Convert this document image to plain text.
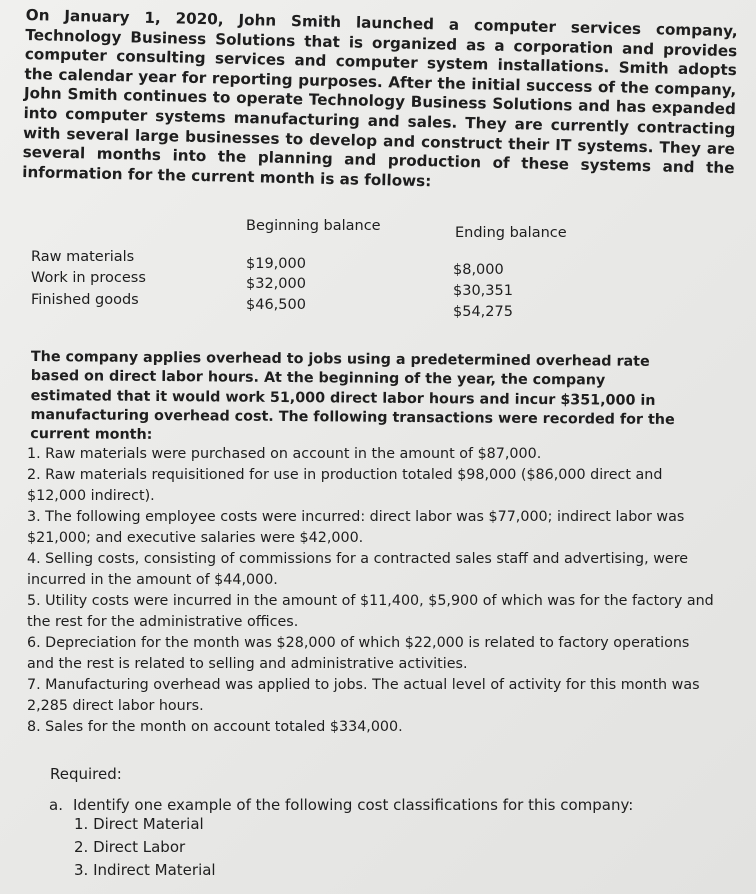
On January 1, 2020, John Smith launched a computer services company, Technology Business Solutions that is organized as a corporation and provides computer consulting services and computer system installations. Smith adopts the calendar year for reporting purposes. After the initial success of the company, John Smith continues to operate Technology Business Solutions and has expanded into computer systems manufacturing and sales. They are currently contracting with several large businesses to develop and construct their IT systems. They are several months into the planning and production of these systems and the information for the current month is as follows:
Beginning balance	Ending balance
Raw materials
Work in process
Finished goods
$19,000
$32,000
$46,500
$8,000
$30,351
$54,275
The company applies overhead to jobs using a predetermined overhead rate based on direct labor hours. At the beginning of the year, the company estimated that it would work 51,000 direct labor hours and incur $351,000 in manufacturing overhead cost. The following transactions were recorded for the current month:
1. Raw materials were purchased on account in the amount of $87,000.
2. Raw materials requisitioned for use in production totaled $98,000 ($86,000 direct and $12,000 indirect).
3. The following employee costs were incurred: direct labor was $77,000; indirect labor was $21,000; and executive salaries were $42,000.
4. Selling costs, consisting of commissions for a contracted sales staff and advertising, were incurred in the amount of $44,000.
5. Utility costs were incurred in the amount of $11,400, $5,900 of which was for the factory and the rest for the administrative offices.
6. Depreciation for the month was $28,000 of which $22,000 is related to factory operations and the rest is related to selling and administrative activities.
7. Manufacturing overhead was applied to jobs. The actual level of activity for this month was 2,285 direct labor hours.
8. Sales for the month on account totaled $334,000.
Required:
a. Identify one example of the following cost classifications for this company:
1. Direct Material
2. Direct Labor
3. Indirect Material
